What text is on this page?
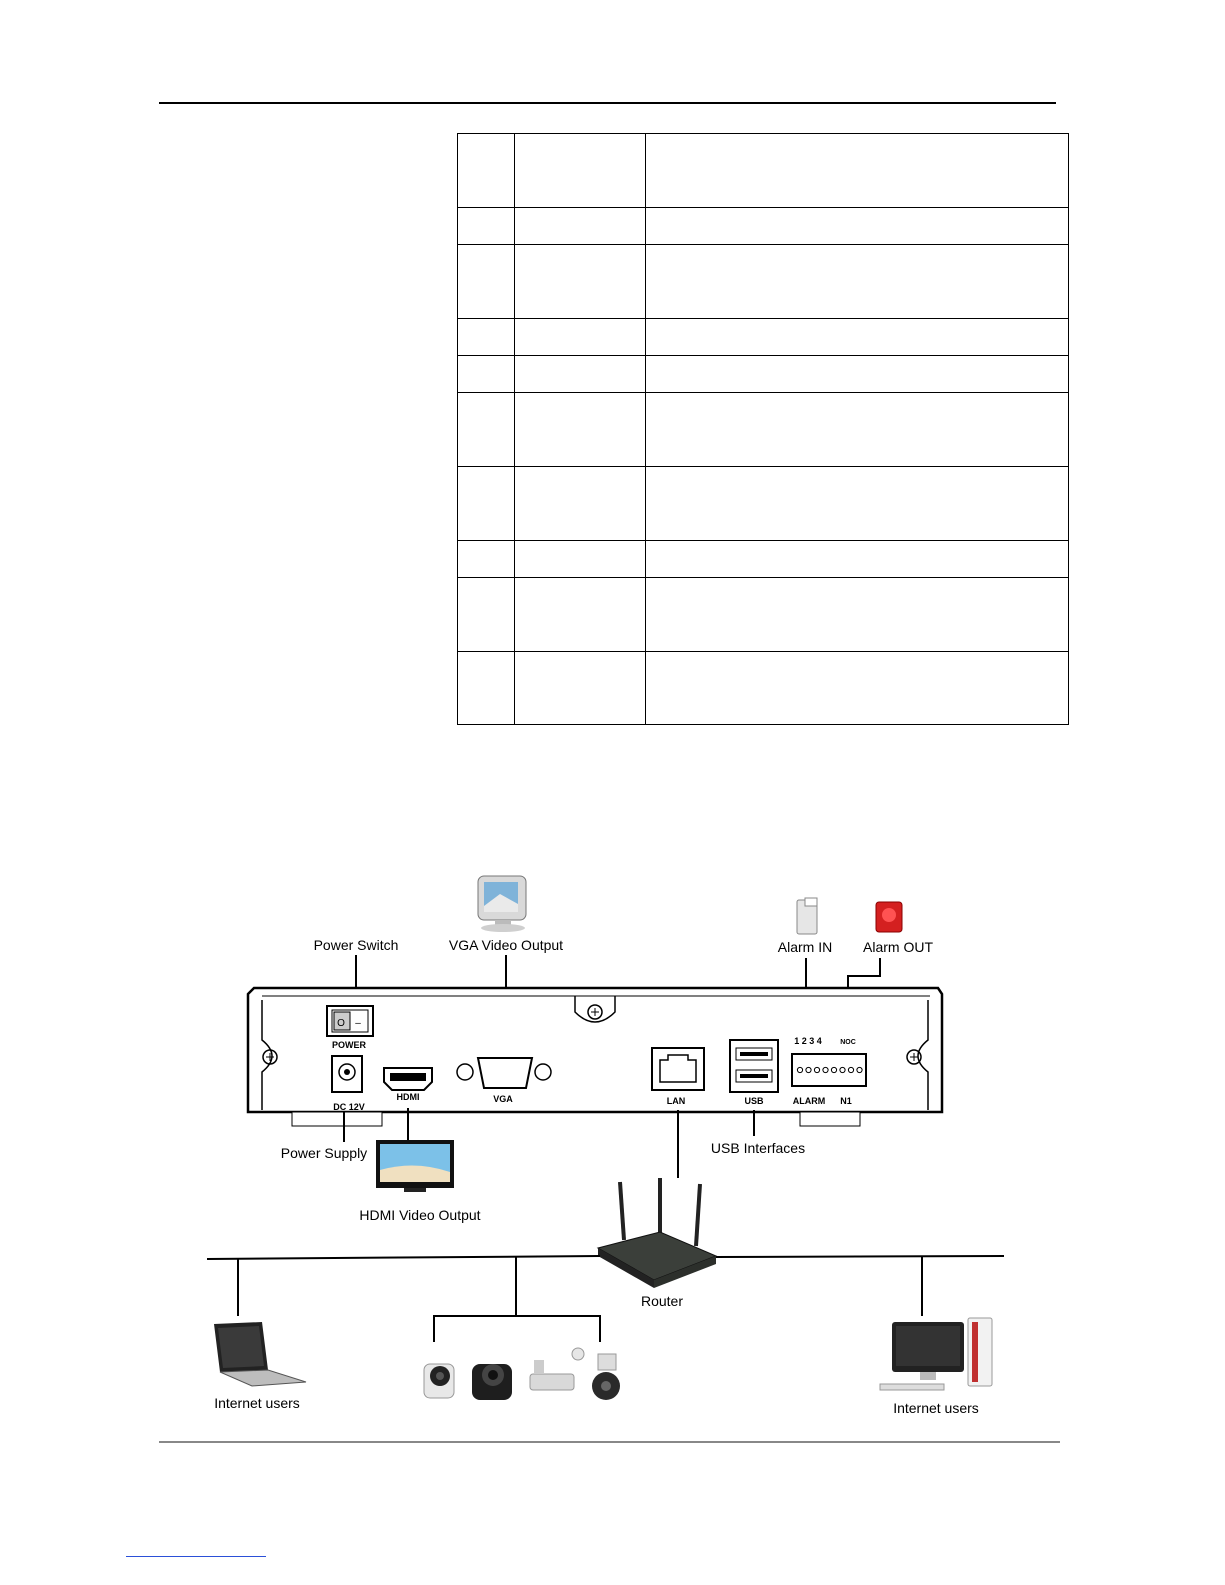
VGA Video Output
Power Switch	Alarm IN Alarm OUT
O –
POWER
DC 12V
HDMI	VGA	LAN	USB
1 2 3 4	NOC
ALARM N1
Power Supply
HDMI Video Output
USB Interfaces
Router
Internet users	Internet users
